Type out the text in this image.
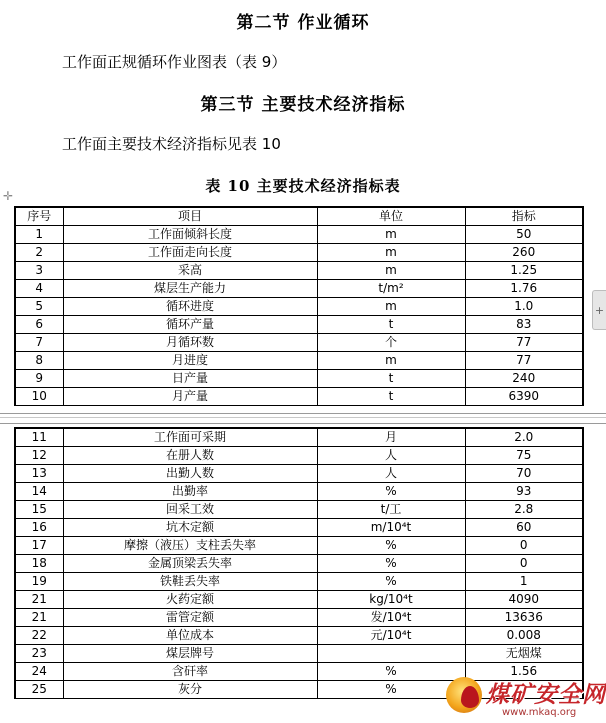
第二节 作业循环
工作面正规循环作业图表（表 9）
第三节 主要技术经济指标
工作面主要技术经济指标见表 10
表 10 主要技术经济指标表
✛
+
序号	项目	单位	指标
1	工作面倾斜长度	m	50
2	工作面走向长度	m	260
3	采高	m	1.25
4	煤层生产能力	t/m²	1.76
5	循环进度	m	1.0
6	循环产量	t	83
7	月循环数	个	77
8	月进度	m	77
9	日产量	t	240
10	月产量	t	6390
11	工作面可采期	月	2.0
12	在册人数	人	75
13	出勤人数	人	70
14	出勤率	%	93
15	回采工效	t/工	2.8
16	坑木定额	m/10⁴t	60
17	摩擦（液压）支柱丢失率	%	0
18	金属顶梁丢失率	%	0
19	铁鞋丢失率	%	1
21	火药定额	kg/10⁴t	4090
21	雷管定额	发/10⁴t	13636
22	单位成本	元/10⁴t	0.008
23	煤层牌号		无烟煤
24	含矸率	%	1.56
25	灰分	%		煤矿安全网
www.mkaq.org
